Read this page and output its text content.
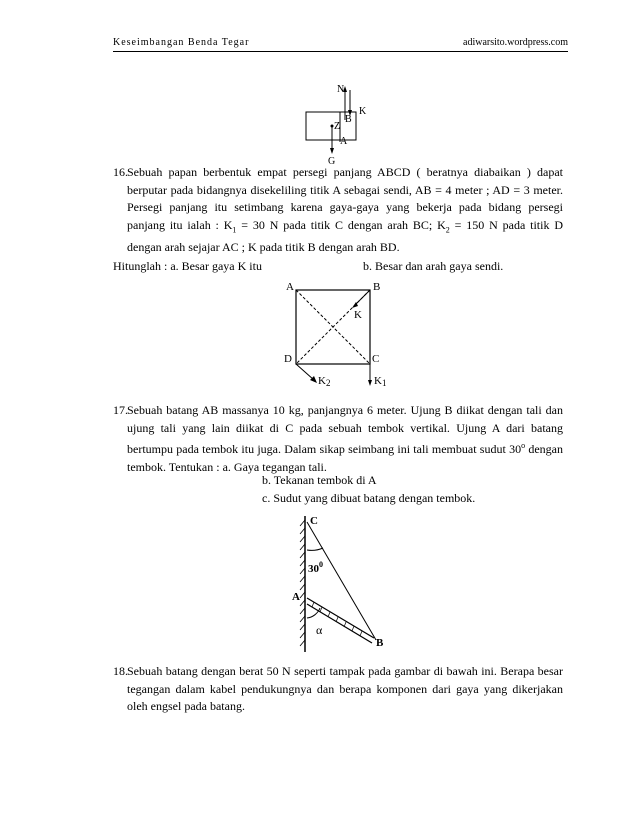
Keseimbangan Benda Tegar	adiwarsito.wordpress.com
N
K
B
Z
A
G
16. Sebuah papan berbentuk empat persegi panjang ABCD ( beratnya diabaikan ) dapat berputar pada bidangnya disekeliling titik A sebagai sendi, AB = 4 meter ; AD = 3 meter. Persegi panjang itu setimbang karena gaya-gaya yang bekerja pada bidang persegi panjang itu ialah : $K_1 = 30$ N pada titik C dengan arah BC; $K_2 = 150$ N pada titik D dengan arah sejajar AC ; K pada titik B dengan arah BD.
Hitunglah : a. Besar gaya K itu	b. Besar dan arah gaya sendi.
A	B
C
D
K
K2	K1
17. Sebuah batang AB massanya 10 kg, panjangnya 6 meter. Ujung B diikat dengan tali dan ujung tali yang lain diikat di C pada sebuah tembok vertikal. Ujung A dari batang bertumpu pada tembok itu juga. Dalam sikap seimbang ini tali membuat sudut 30$^o$ dengan tembok. Tentukan : a. Gaya tegangan tali.
b. Tekanan tembok di A
c. Sudut yang dibuat batang dengan tembok.
C
$30^0$
A
α
B
18. Sebuah batang dengan berat 50 N seperti tampak pada gambar di bawah ini. Berapa besar tegangan dalam kabel pendukungnya dan berapa komponen dari gaya yang dikerjakan oleh engsel pada batang.
